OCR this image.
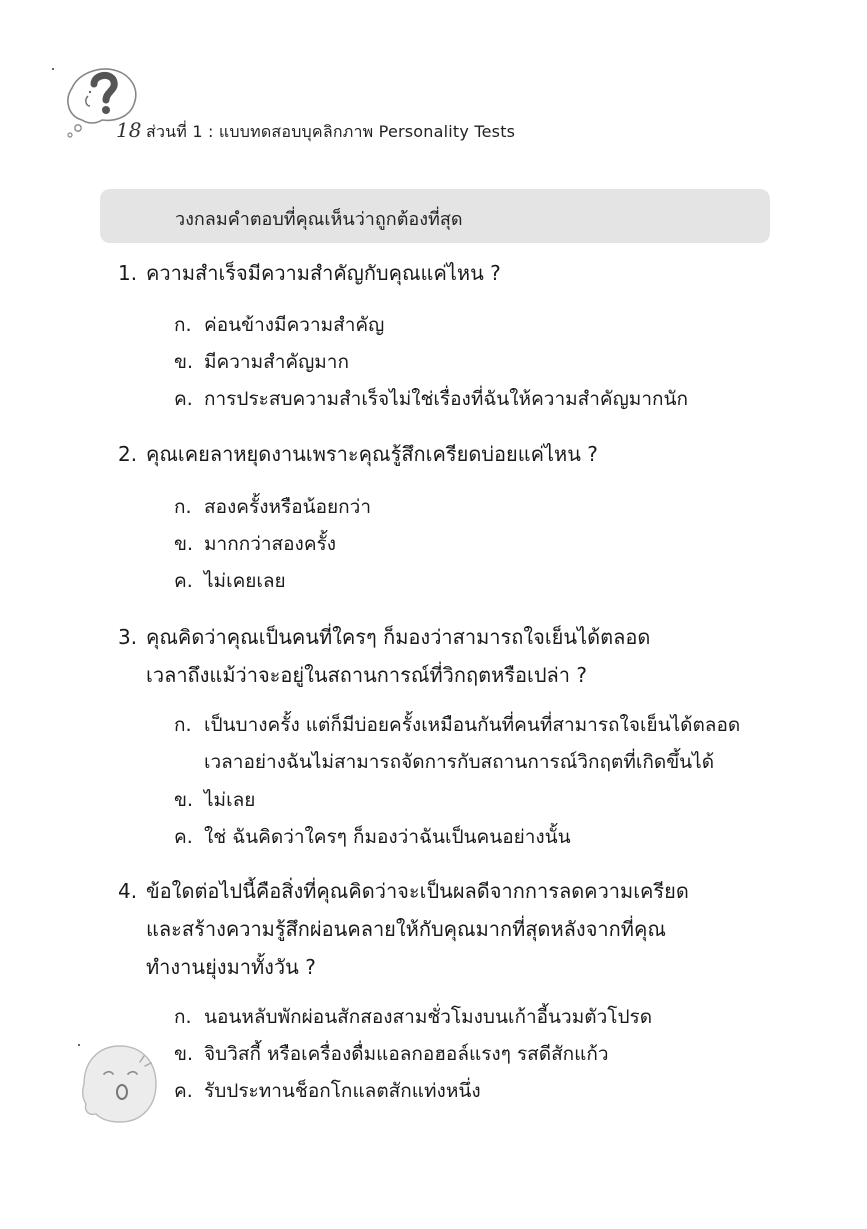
18 ส่วนที่ 1 : แบบทดสอบบุคลิกภาพ Personality Tests
วงกลมคำตอบที่คุณเห็นว่าถูกต้องที่สุด
1. ความสำเร็จมีความสำคัญกับคุณแค่ไหน ?
ก. ค่อนข้างมีความสำคัญ
ข. มีความสำคัญมาก
ค. การประสบความสำเร็จไม่ใช่เรื่องที่ฉันให้ความสำคัญมากนัก
2. คุณเคยลาหยุดงานเพราะคุณรู้สึกเครียดบ่อยแค่ไหน ?
ก. สองครั้งหรือน้อยกว่า
ข. มากกว่าสองครั้ง
ค. ไม่เคยเลย
3. คุณคิดว่าคุณเป็นคนที่ใครๆ ก็มองว่าสามารถใจเย็นได้ตลอด
เวลาถึงแม้ว่าจะอยู่ในสถานการณ์ที่วิกฤตหรือเปล่า ?
ก. เป็นบางครั้ง แต่ก็มีบ่อยครั้งเหมือนกันที่คนที่สามารถใจเย็นได้ตลอด
เวลาอย่างฉันไม่สามารถจัดการกับสถานการณ์วิกฤตที่เกิดขึ้นได้
ข. ไม่เลย
ค. ใช่ ฉันคิดว่าใครๆ ก็มองว่าฉันเป็นคนอย่างนั้น
4. ข้อใดต่อไปนี้คือสิ่งที่คุณคิดว่าจะเป็นผลดีจากการลดความเครียด
และสร้างความรู้สึกผ่อนคลายให้กับคุณมากที่สุดหลังจากที่คุณ
ทำงานยุ่งมาทั้งวัน ?
ก. นอนหลับพักผ่อนสักสองสามชั่วโมงบนเก้าอี้นวมตัวโปรด
ข. จิบวิสกี้ หรือเครื่องดื่มแอลกอฮอล์แรงๆ รสดีสักแก้ว
ค. รับประทานช็อกโกแลตสักแท่งหนึ่ง
